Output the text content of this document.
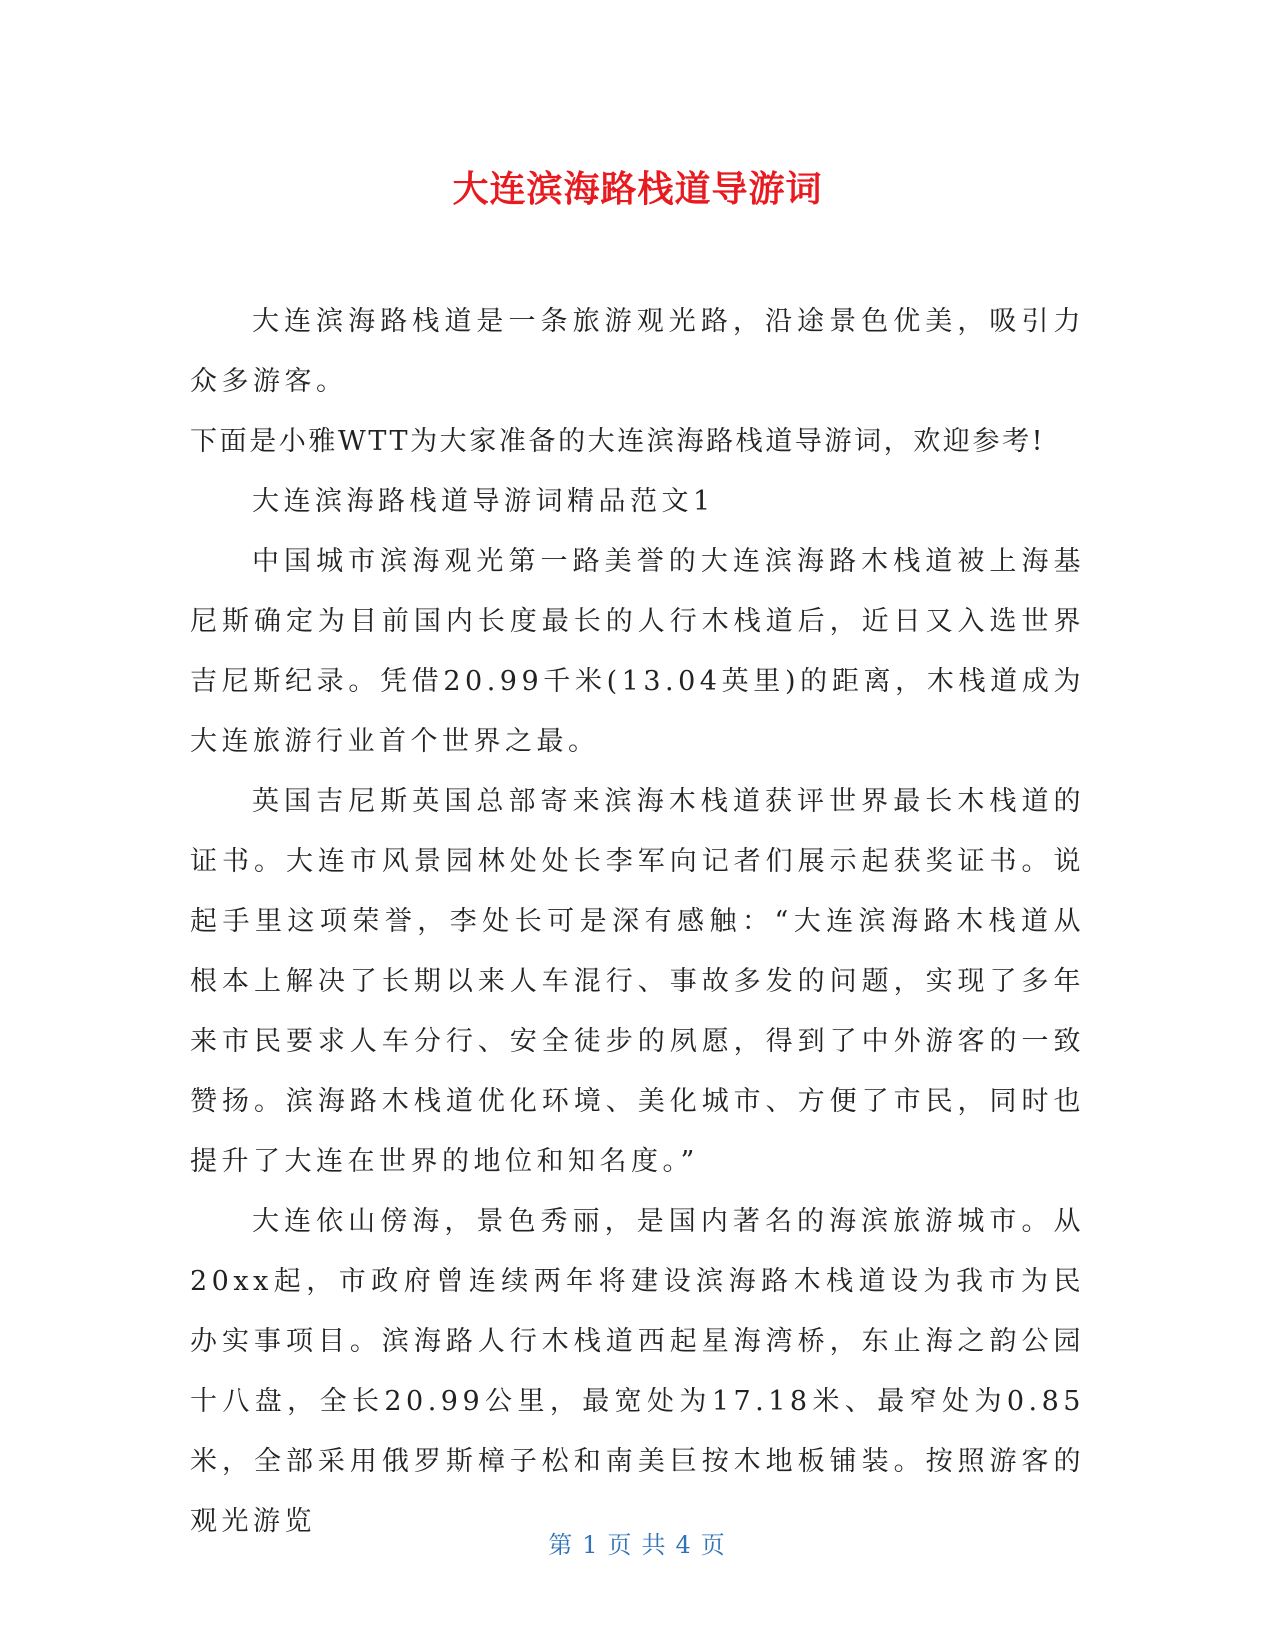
大连滨海路栈道导游词

大连滨海路栈道是一条旅游观光路，沿途景色优美，吸引力众多游客。

下面是小雅WTT为大家准备的大连滨海路栈道导游词，欢迎参考!

大连滨海路栈道导游词精品范文1

中国城市滨海观光第一路美誉的大连滨海路木栈道被上海基尼斯确定为目前国内长度最长的人行木栈道后，近日又入选世界吉尼斯纪录。凭借20.99千米(13.04英里)的距离，木栈道成为大连旅游行业首个世界之最。

英国吉尼斯英国总部寄来滨海木栈道获评世界最长木栈道的证书。大连市风景园林处处长李军向记者们展示起获奖证书。说起手里这项荣誉，李处长可是深有感触：“大连滨海路木栈道从根本上解决了长期以来人车混行、事故多发的问题，实现了多年来市民要求人车分行、安全徒步的夙愿，得到了中外游客的一致赞扬。滨海路木栈道优化环境、美化城市、方便了市民，同时也提升了大连在世界的地位和知名度。”

大连依山傍海，景色秀丽，是国内著名的海滨旅游城市。从20xx起，市政府曾连续两年将建设滨海路木栈道设为我市为民办实事项目。滨海路人行木栈道西起星海湾桥，东止海之韵公园十八盘，全长20.99公里，最宽处为17.18米、最窄处为0.85米，全部采用俄罗斯樟子松和南美巨按木地板铺装。按照游客的观光游览

第 1 页 共 4 页
